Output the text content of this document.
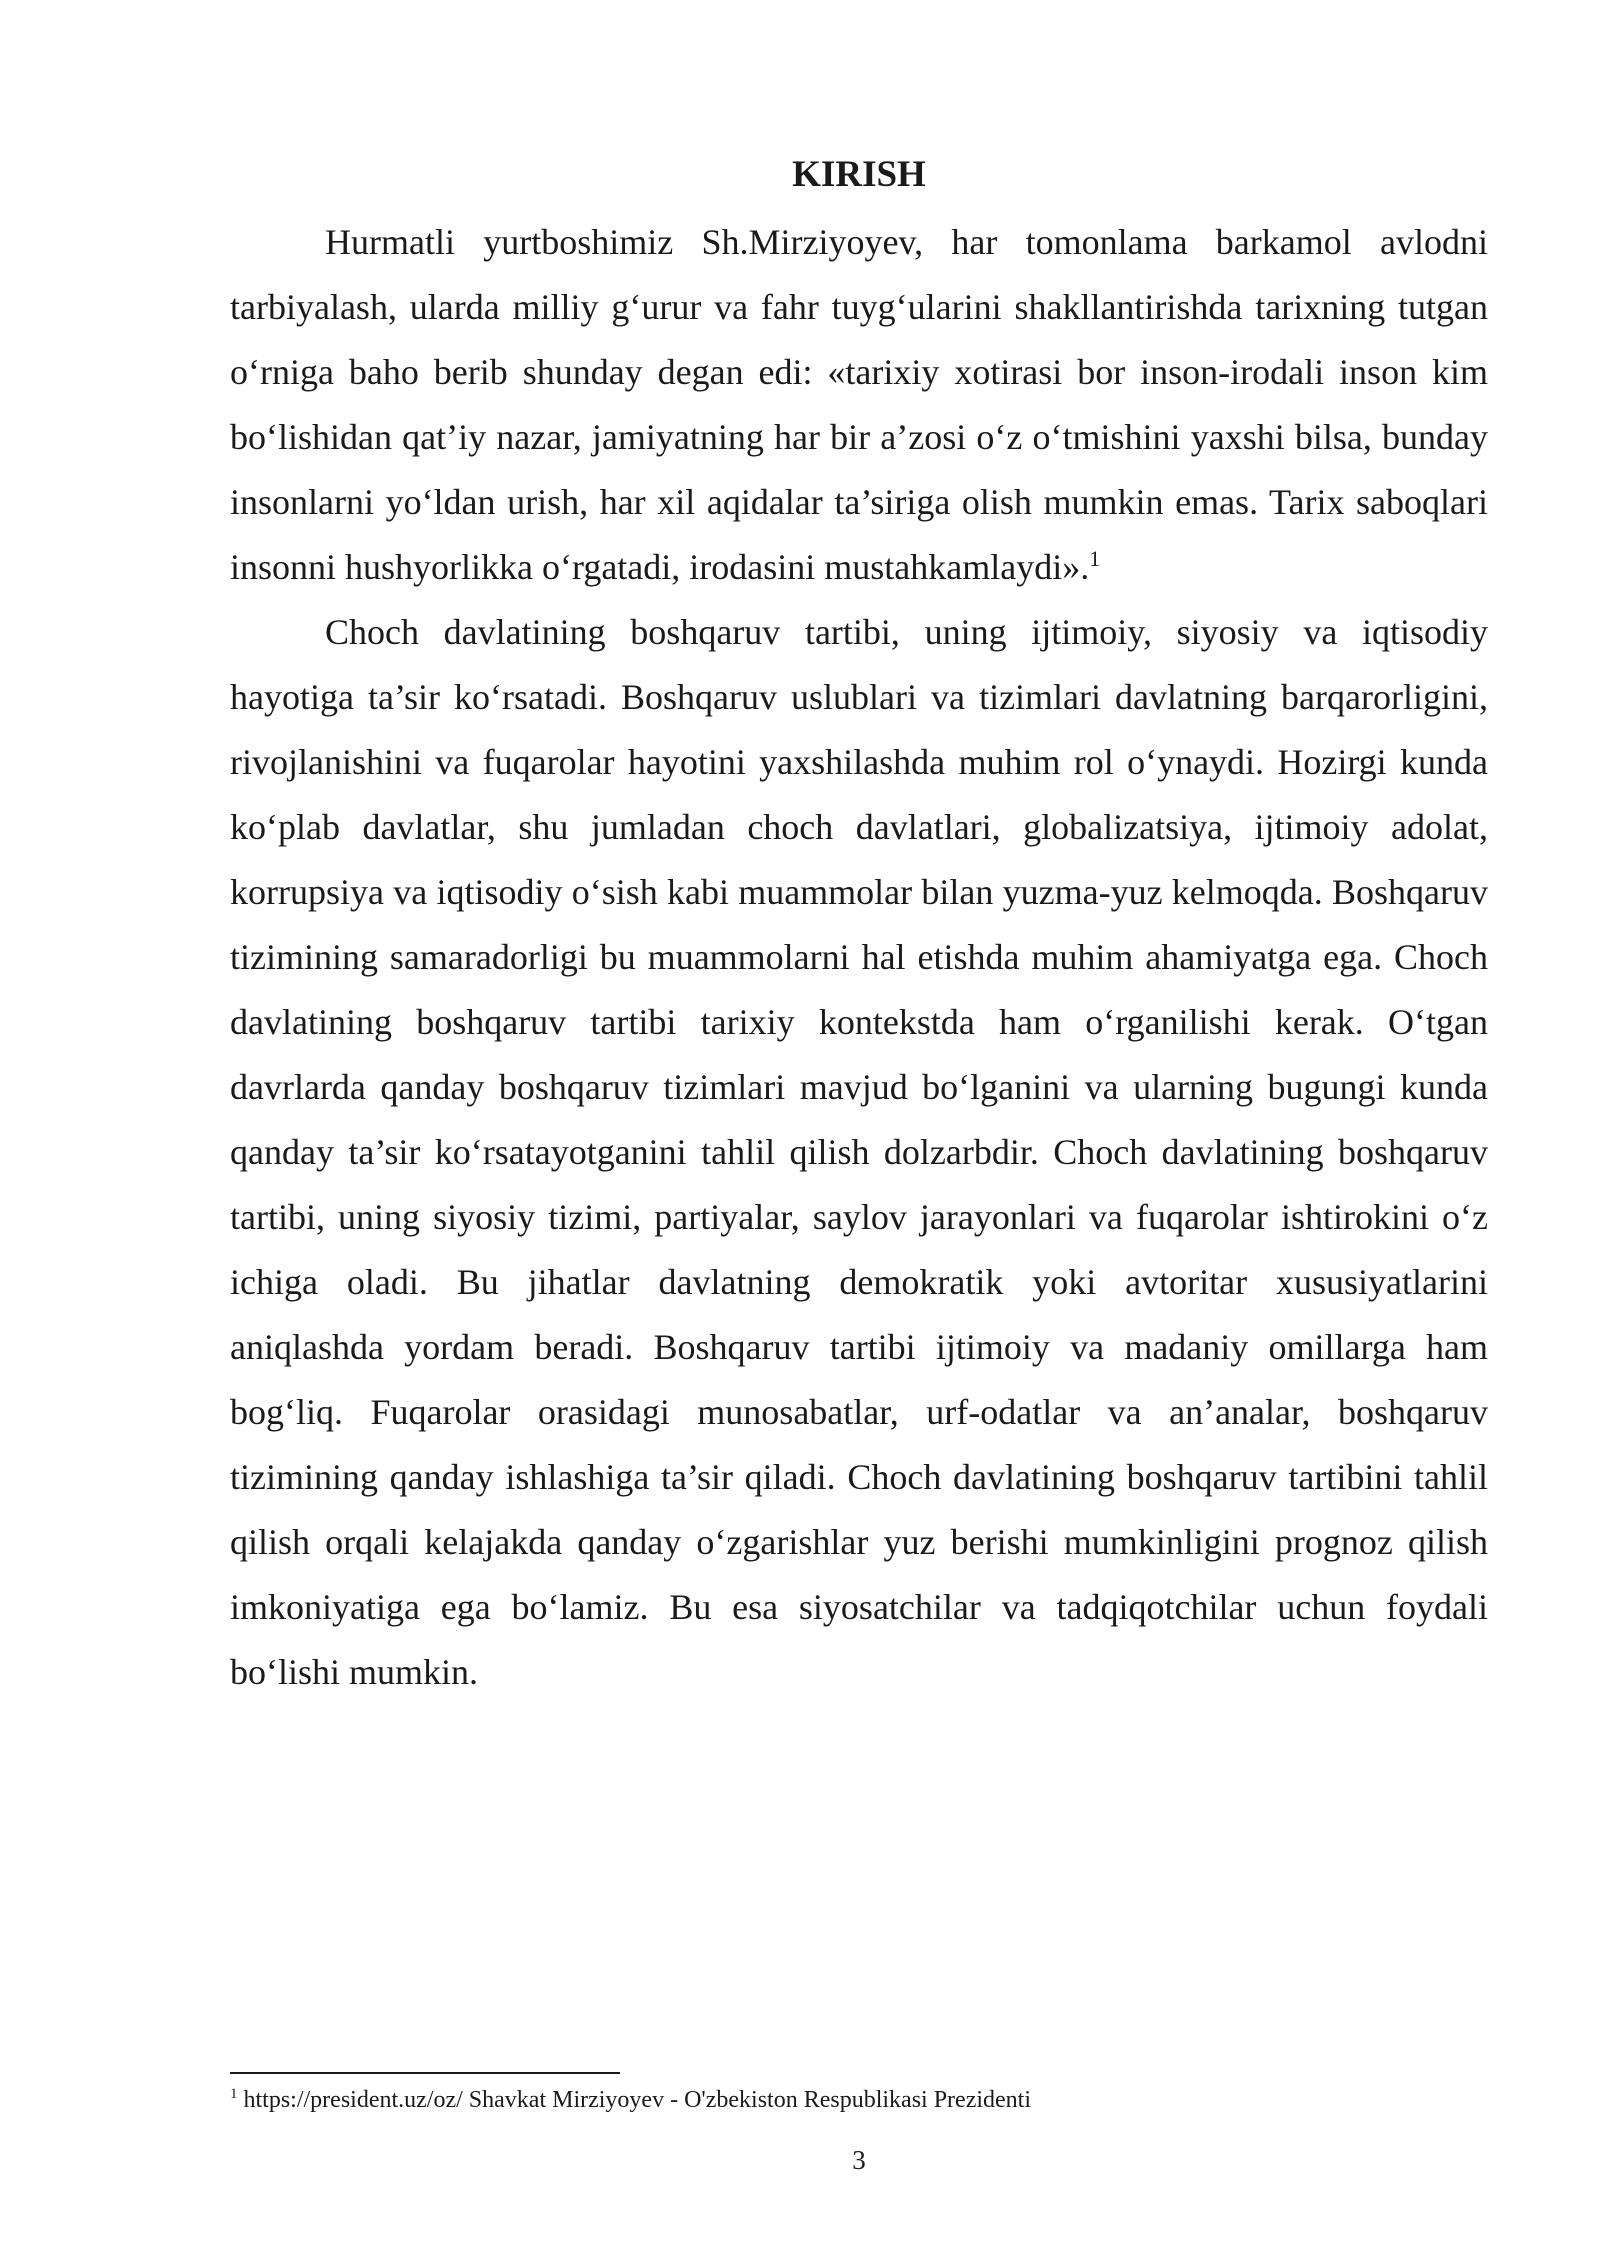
KIRISH

Hurmatli yurtboshimiz Sh.Mirziyoyev, har tomonlama barkamol avlodni tarbiyalash, ularda milliy g‘urur va fahr tuyg‘ularini shakllantirishda tarixning tutgan o‘rniga baho berib shunday degan edi: «tarixiy xotirasi bor inson-irodali inson kim bo‘lishidan qat’iy nazar, jamiyatning har bir a’zosi o‘z o‘tmishini yaxshi bilsa, bunday insonlarni yo‘ldan urish, har xil aqidalar ta’siriga olish mumkin emas. Tarix saboqlari insonni hushyorlikka o‘rgatadi, irodasini mustahkamlaydi».$^1$

Choch davlatining boshqaruv tartibi, uning ijtimoiy, siyosiy va iqtisodiy hayotiga ta’sir ko‘rsatadi. Boshqaruv uslublari va tizimlari davlatning barqarorligini, rivojlanishini va fuqarolar hayotini yaxshilashda muhim rol o‘ynaydi. Hozirgi kunda ko‘plab davlatlar, shu jumladan choch davlatlari, globalizatsiya, ijtimoiy adolat, korrupsiya va iqtisodiy o‘sish kabi muammolar bilan yuzma-yuz kelmoqda. Boshqaruv tizimining samaradorligi bu muammolarni hal etishda muhim ahamiyatga ega. Choch davlatining boshqaruv tartibi tarixiy kontekstda ham o‘rganilishi kerak. O‘tgan davrlarda qanday boshqaruv tizimlari mavjud bo‘lganini va ularning bugungi kunda qanday ta’sir ko‘rsatayotganini tahlil qilish dolzarbdir. Choch davlatining boshqaruv tartibi, uning siyosiy tizimi, partiyalar, saylov jarayonlari va fuqarolar ishtirokini o‘z ichiga oladi. Bu jihatlar davlatning demokratik yoki avtoritar xususiyatlarini aniqlashda yordam beradi. Boshqaruv tartibi ijtimoiy va madaniy omillarga ham bog‘liq. Fuqarolar orasidagi munosabatlar, urf-odatlar va an’analar, boshqaruv tizimining qanday ishlashiga ta’sir qiladi. Choch davlatining boshqaruv tartibini tahlil qilish orqali kelajakda qanday o‘zgarishlar yuz berishi mumkinligini prognoz qilish imkoniyatiga ega bo‘lamiz. Bu esa siyosatchilar va tadqiqotchilar uchun foydali bo‘lishi mumkin.

$^1$ https://president.uz/oz/ Shavkat Mirziyoyev - O'zbekiston Respublikasi Prezidenti

3
